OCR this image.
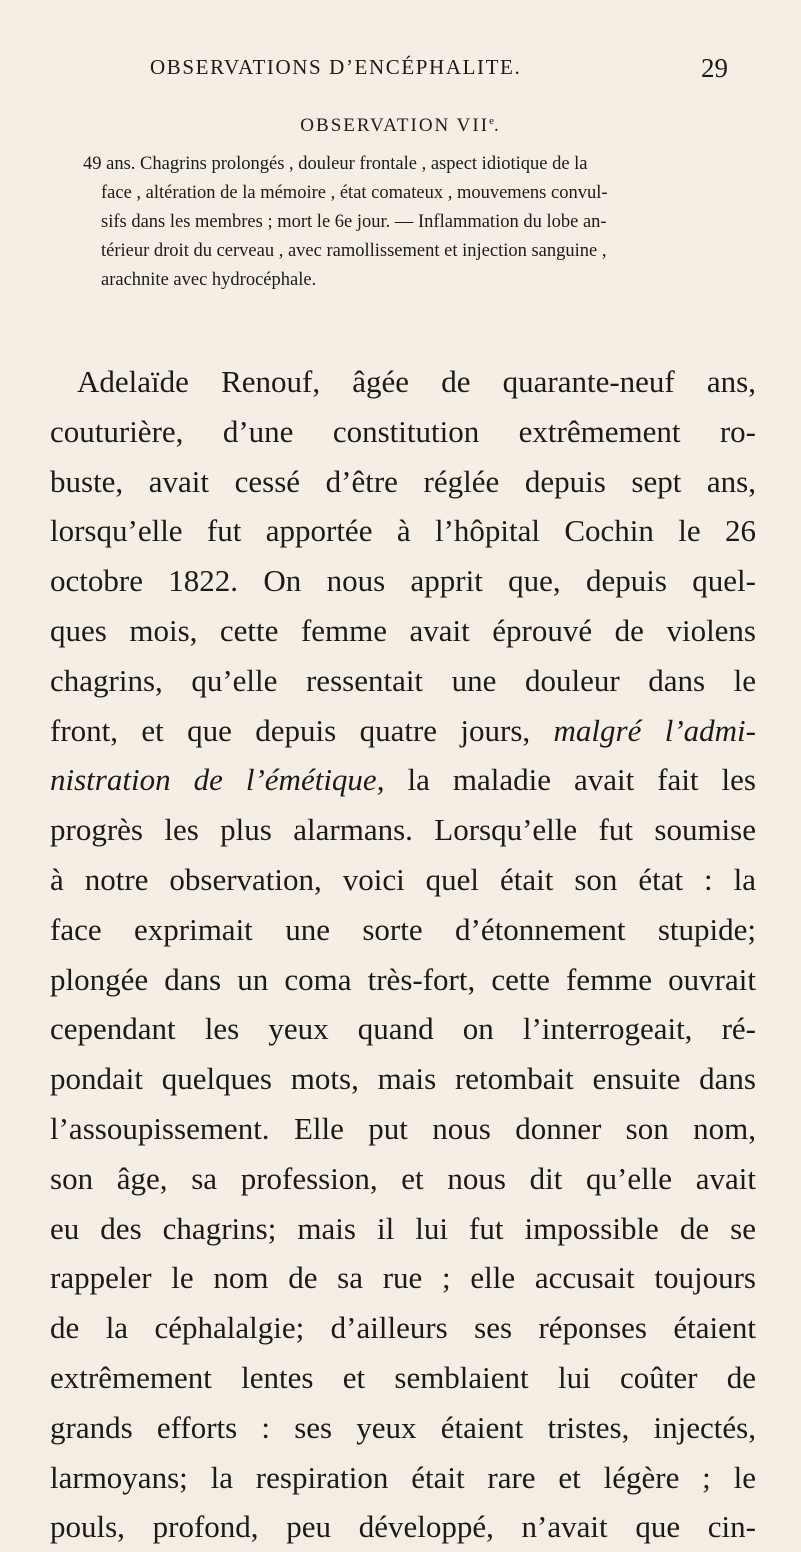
OBSERVATIONS D’ENCÉPHALITE.	29
OBSERVATION VIIe.
49 ans. Chagrins prolongés , douleur frontale , aspect idiotique de la
face , altération de la mémoire , état comateux , mouvemens convul-
sifs dans les membres ; mort le 6e jour. — Inflammation du lobe an-
térieur droit du cerveau , avec ramollissement et injection sanguine ,
arachnite avec hydrocéphale.
Adelaïde Renouf, âgée de quarante-neuf ans,
couturière, d’une constitution extrêmement ro-
buste, avait cessé d’être réglée depuis sept ans,
lorsqu’elle fut apportée à l’hôpital Cochin le 26
octobre 1822. On nous apprit que, depuis quel-
ques mois, cette femme avait éprouvé de violens
chagrins, qu’elle ressentait une douleur dans le
front, et que depuis quatre jours, malgré l’admi-
nistration de l’émétique, la maladie avait fait les
progrès les plus alarmans. Lorsqu’elle fut soumise
à notre observation, voici quel était son état : la
face exprimait une sorte d’étonnement stupide;
plongée dans un coma très-fort, cette femme ouvrait
cependant les yeux quand on l’interrogeait, ré-
pondait quelques mots, mais retombait ensuite dans
l’assoupissement. Elle put nous donner son nom,
son âge, sa profession, et nous dit qu’elle avait
eu des chagrins; mais il lui fut impossible de se
rappeler le nom de sa rue ; elle accusait toujours
de la céphalalgie; d’ailleurs ses réponses étaient
extrêmement lentes et semblaient lui coûter de
grands efforts : ses yeux étaient tristes, injectés,
larmoyans; la respiration était rare et légère ; le
pouls, profond, peu développé, n’avait que cin-
